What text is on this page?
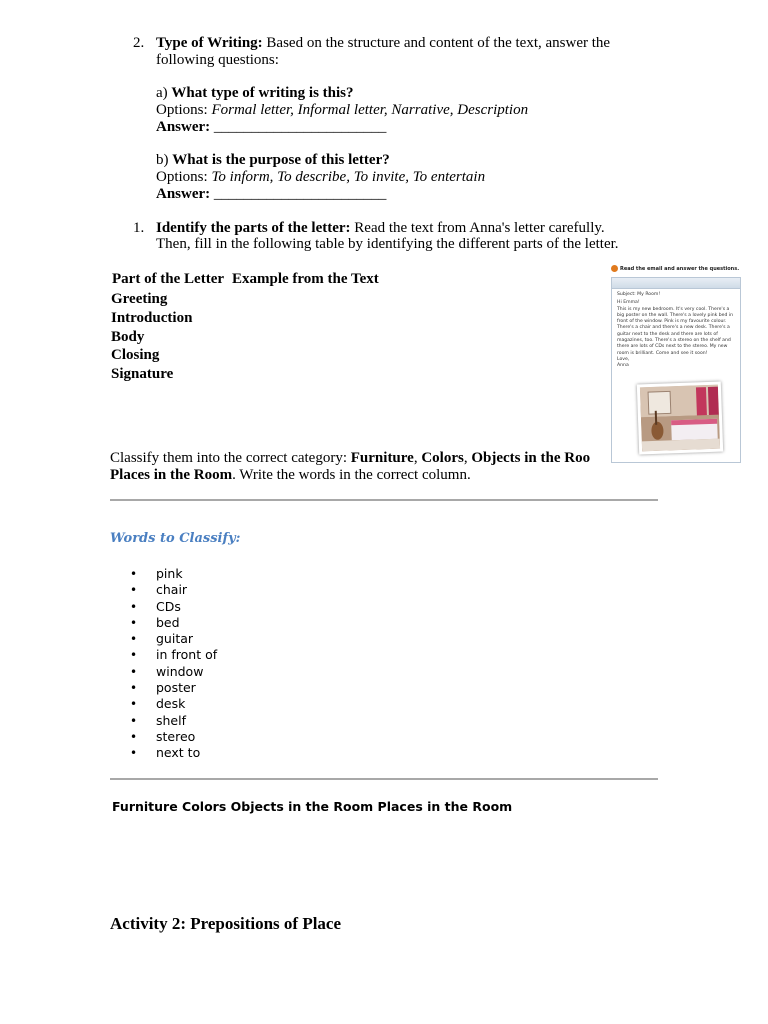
2. Type of Writing: Based on the structure and content of the text, answer the
following questions:
a) What type of writing is this?
Options: Formal letter, Informal letter, Narrative, Description
Answer: _______________________
b) What is the purpose of this letter?
Options: To inform, To describe, To invite, To entertain
Answer: _______________________
1. Identify the parts of the letter: Read the text from Anna's letter carefully.
Then, fill in the following table by identifying the different parts of the letter.
Part of the Letter Example from the Text
Greeting
Introduction
Body
Closing
Signature
Read the email and answer the questions.
Subject: My Room!
Hi Emma!
This is my new bedroom. It's very cool. There's a big poster on the wall. There's a lovely pink bed in front of the window. Pink is my favourite colour. There's a chair and there's a new desk. There's a guitar next to the desk and there are lots of magazines, too. There's a stereo on the shelf and there are lots of CDs next to the stereo. My new room is brilliant. Come and see it soon!
Love,
Anna
Classify them into the correct category: Furniture, Colors, Objects in the Roo
Places in the Room. Write the words in the correct column.
Words to Classify:
• pink
• chair
• CDs
• bed
• guitar
• in front of
• window
• poster
• desk
• shelf
• stereo
• next to
Furniture Colors Objects in the Room Places in the Room
Activity 2: Prepositions of Place
